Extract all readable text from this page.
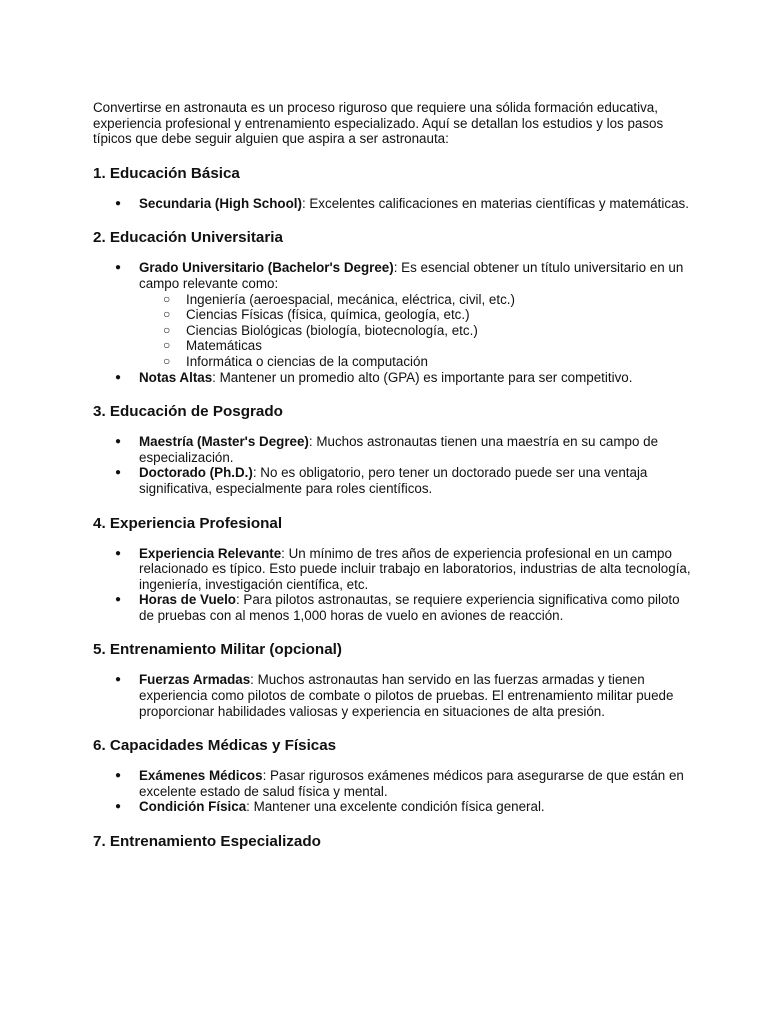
Convertirse en astronauta es un proceso riguroso que requiere una sólida formación educativa, experiencia profesional y entrenamiento especializado. Aquí se detallan los estudios y los pasos típicos que debe seguir alguien que aspira a ser astronauta:

1. Educación Básica
● Secundaria (High School): Excelentes calificaciones en materias científicas y matemáticas.
2. Educación Universitaria
● Grado Universitario (Bachelor's Degree): Es esencial obtener un título universitario en un campo relevante como:
○ Ingeniería (aeroespacial, mecánica, eléctrica, civil, etc.)
○ Ciencias Físicas (física, química, geología, etc.)
○ Ciencias Biológicas (biología, biotecnología, etc.)
○ Matemáticas
○ Informática o ciencias de la computación
● Notas Altas: Mantener un promedio alto (GPA) es importante para ser competitivo.
3. Educación de Posgrado
● Maestría (Master's Degree): Muchos astronautas tienen una maestría en su campo de especialización.
● Doctorado (Ph.D.): No es obligatorio, pero tener un doctorado puede ser una ventaja significativa, especialmente para roles científicos.
4. Experiencia Profesional
● Experiencia Relevante: Un mínimo de tres años de experiencia profesional en un campo relacionado es típico. Esto puede incluir trabajo en laboratorios, industrias de alta tecnología, ingeniería, investigación científica, etc.
● Horas de Vuelo: Para pilotos astronautas, se requiere experiencia significativa como piloto de pruebas con al menos 1,000 horas de vuelo en aviones de reacción.
5. Entrenamiento Militar (opcional)
● Fuerzas Armadas: Muchos astronautas han servido en las fuerzas armadas y tienen experiencia como pilotos de combate o pilotos de pruebas. El entrenamiento militar puede proporcionar habilidades valiosas y experiencia en situaciones de alta presión.
6. Capacidades Médicas y Físicas
● Exámenes Médicos: Pasar rigurosos exámenes médicos para asegurarse de que están en excelente estado de salud física y mental.
● Condición Física: Mantener una excelente condición física general.
7. Entrenamiento Especializado
